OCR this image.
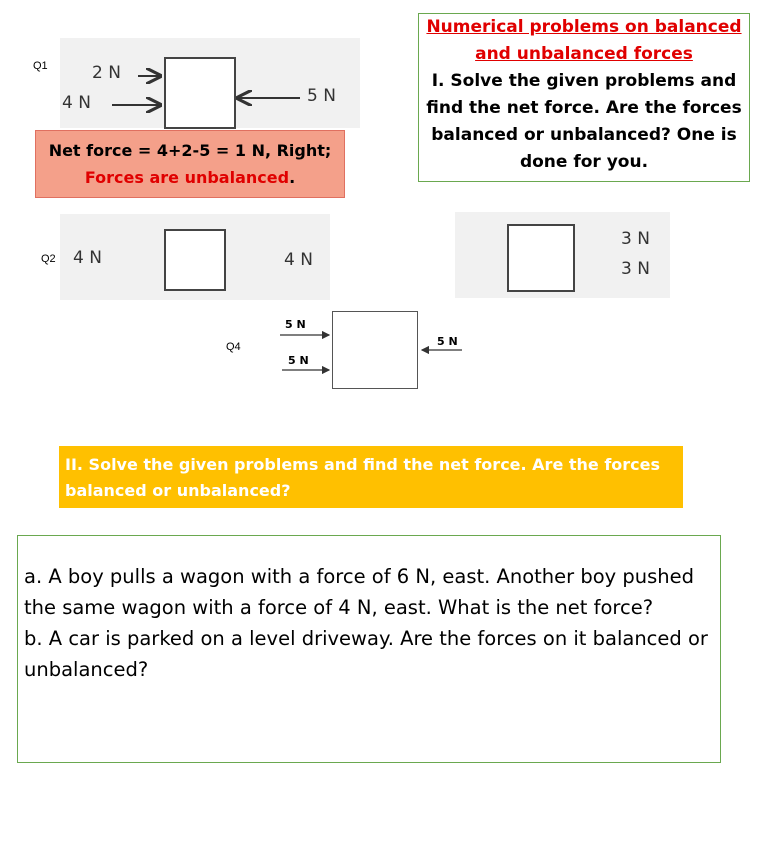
Numerical problems on balanced and unbalanced forces
I. Solve the given problems and find the net force. Are the forces balanced or unbalanced? One is done for you.
Q1	2 N
4 N	5 N
Net force = 4+2-5 = 1 N, Right;
Forces are unbalanced.
Q2 4 N	4 N
3 N
3 N
Q4
5 N
5 N
5 N
II. Solve the given problems and find the net force. Are the forces balanced or unbalanced?

a. A boy pulls a wagon with a force of 6 N, east. Another boy pushed the same wagon with a force of 4 N, east. What is the net force?

b. A car is parked on a level driveway. Are the forces on it balanced or unbalanced?
